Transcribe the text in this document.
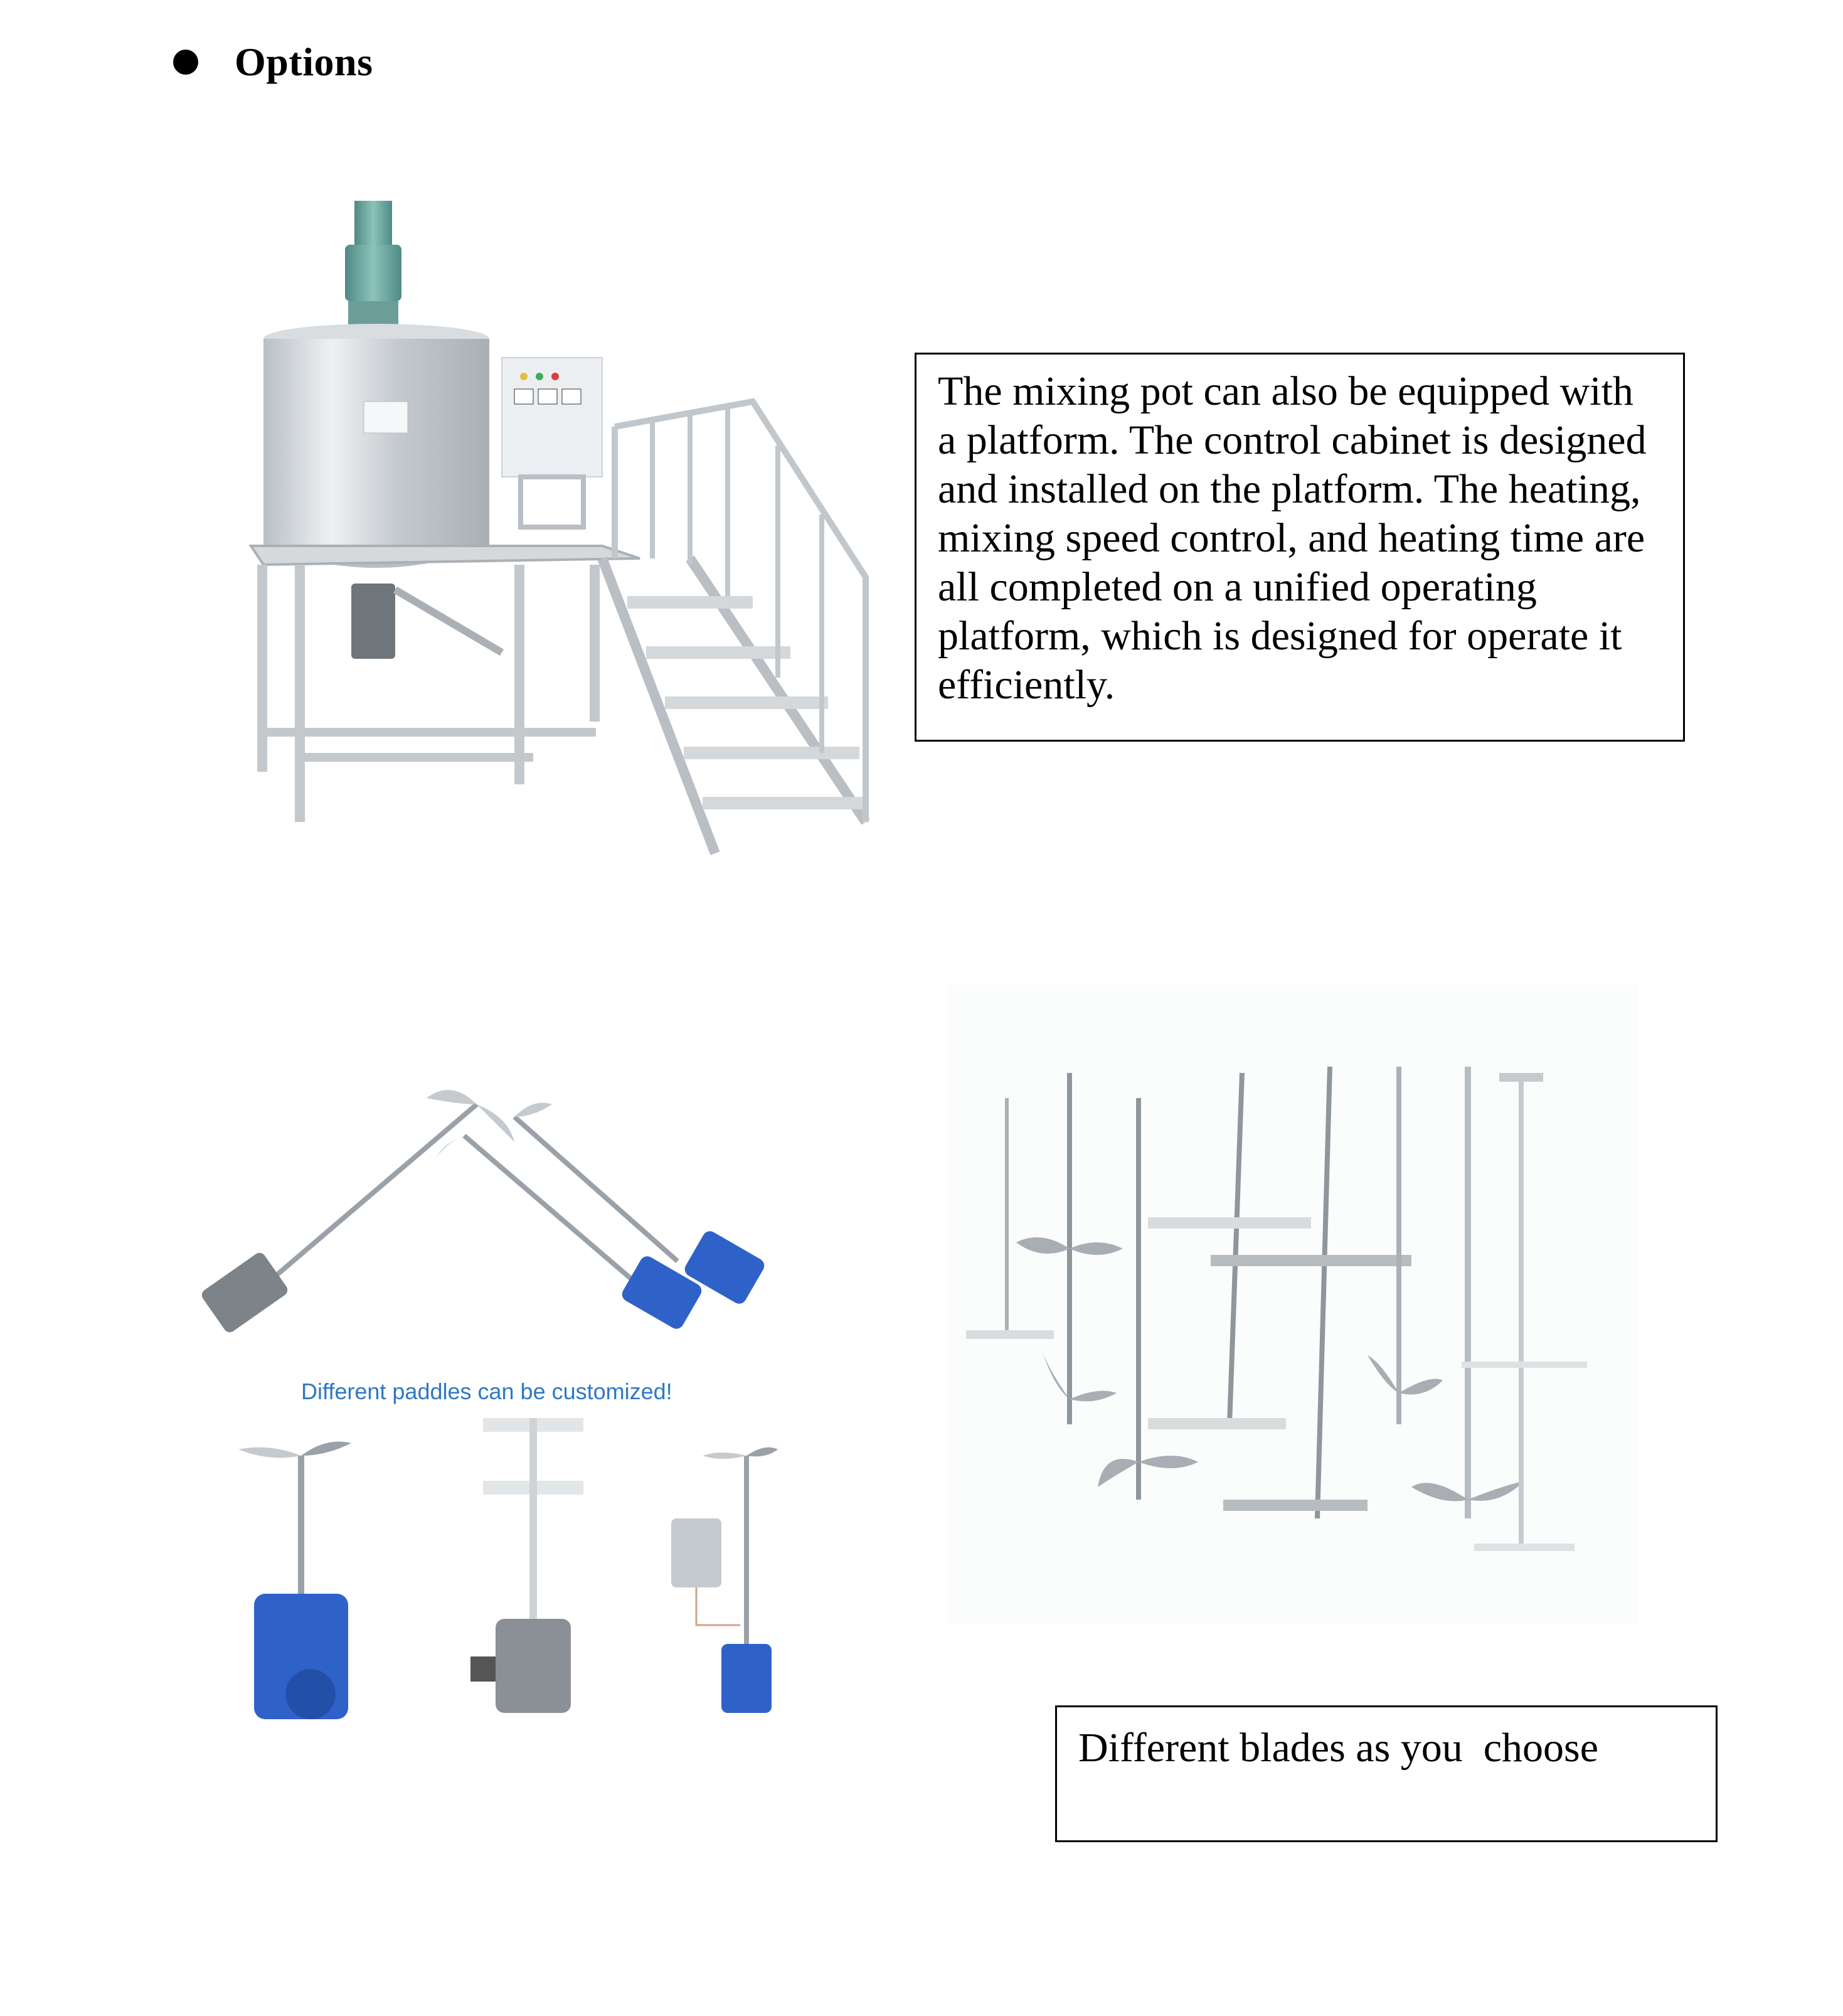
Options
The mixing pot can also be equipped with a platform. The control cabinet is designed and installed on the platform. The heating, mixing speed control, and heating time are all completed on a unified operating platform, which is designed for operate it efficiently.
Different paddles can be customized!
Different blades as you  choose
